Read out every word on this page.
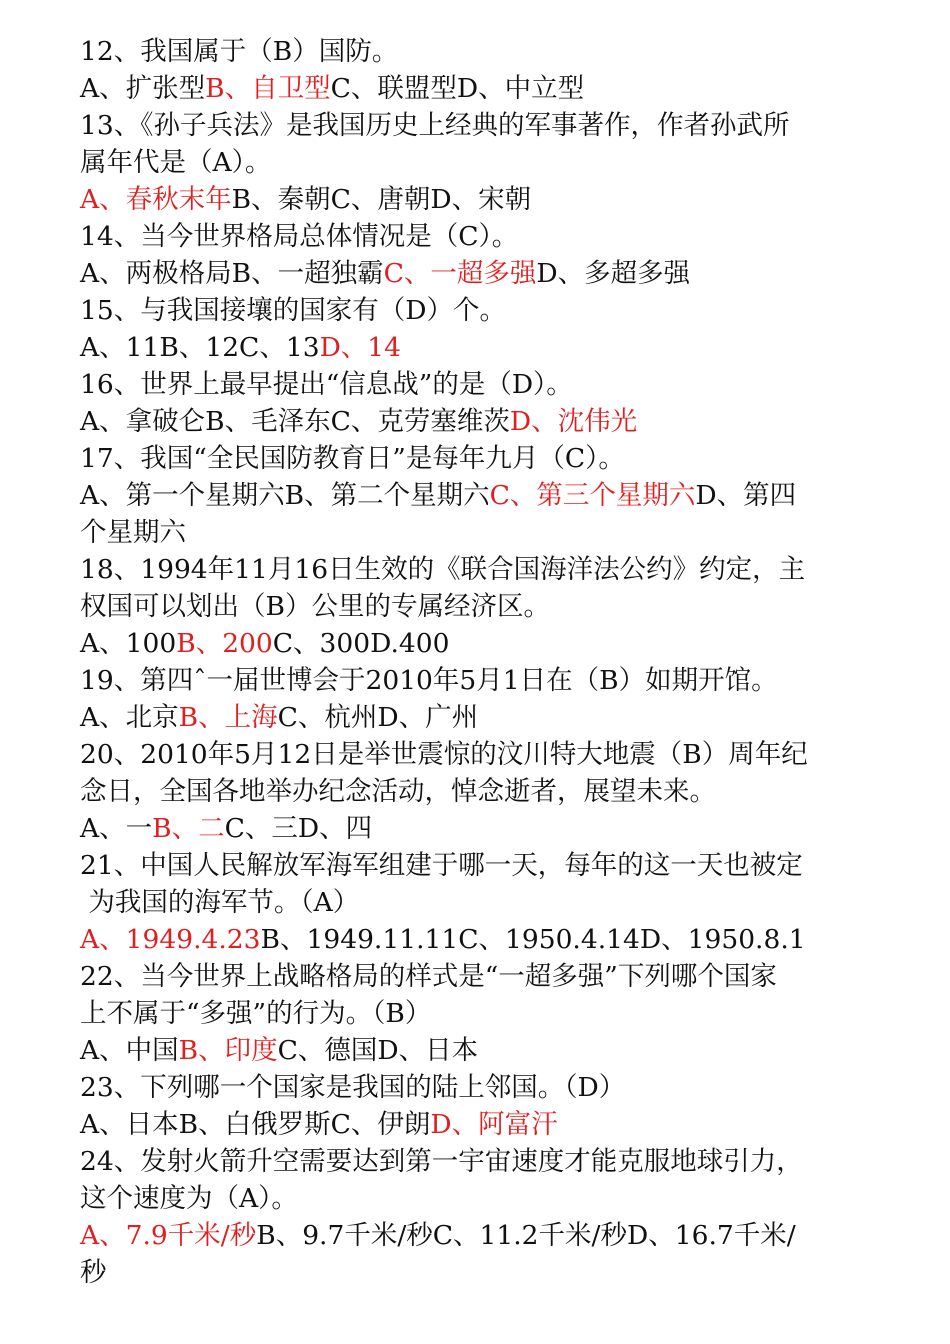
12、我国属于（B）国防。
A、扩张型B、自卫型C、联盟型D、中立型
13、《孙子兵法》是我国历史上经典的军事著作，作者孙武所
属年代是（A）。
A、春秋末年B、秦朝C、唐朝D、宋朝
14、当今世界格局总体情况是（C）。
A、两极格局B、一超独霸C、一超多强D、多超多强
15、与我国接壤的国家有（D）个。
A、11B、12C、13D、14
16、世界上最早提出“信息战”的是（D）。
A、拿破仑B、毛泽东C、克劳塞维茨D、沈伟光
17、我国“全民国防教育日”是每年九月（C）。
A、第一个星期六B、第二个星期六C、第三个星期六D、第四
个星期六
18、1994年11月16日生效的《联合国海洋法公约》约定，主
权国可以划出（B）公里的专属经济区。
A、100B、200C、300D.400
19、第四ˆ一届世博会于2010年5月1日在（B）如期开馆。
A、北京B、上海C、杭州D、广州
20、2010年5月12日是举世震惊的汶川特大地震（B）周年纪
念日，全国各地举办纪念活动，悼念逝者，展望未来。
A、一B、二C、三D、四
21、中国人民解放军海军组建于哪一天，每年的这一天也被定
为我国的海军节。（A）
A、1949.4.23B、1949.11.11C、1950.4.14D、1950.8.1
22、当今世界上战略格局的样式是“一超多强”下列哪个国家
上不属于“多强”的行为。（B）
A、中国B、印度C、德国D、日本
23、下列哪一个国家是我国的陆上邻国。（D）
A、日本B、白俄罗斯C、伊朗D、阿富汗
24、发射火箭升空需要达到第一宇宙速度才能克服地球引力，
这个速度为（A）。
A、7.9千米/秒B、9.7千米/秒C、11.2千米/秒D、16.7千米/
秒
